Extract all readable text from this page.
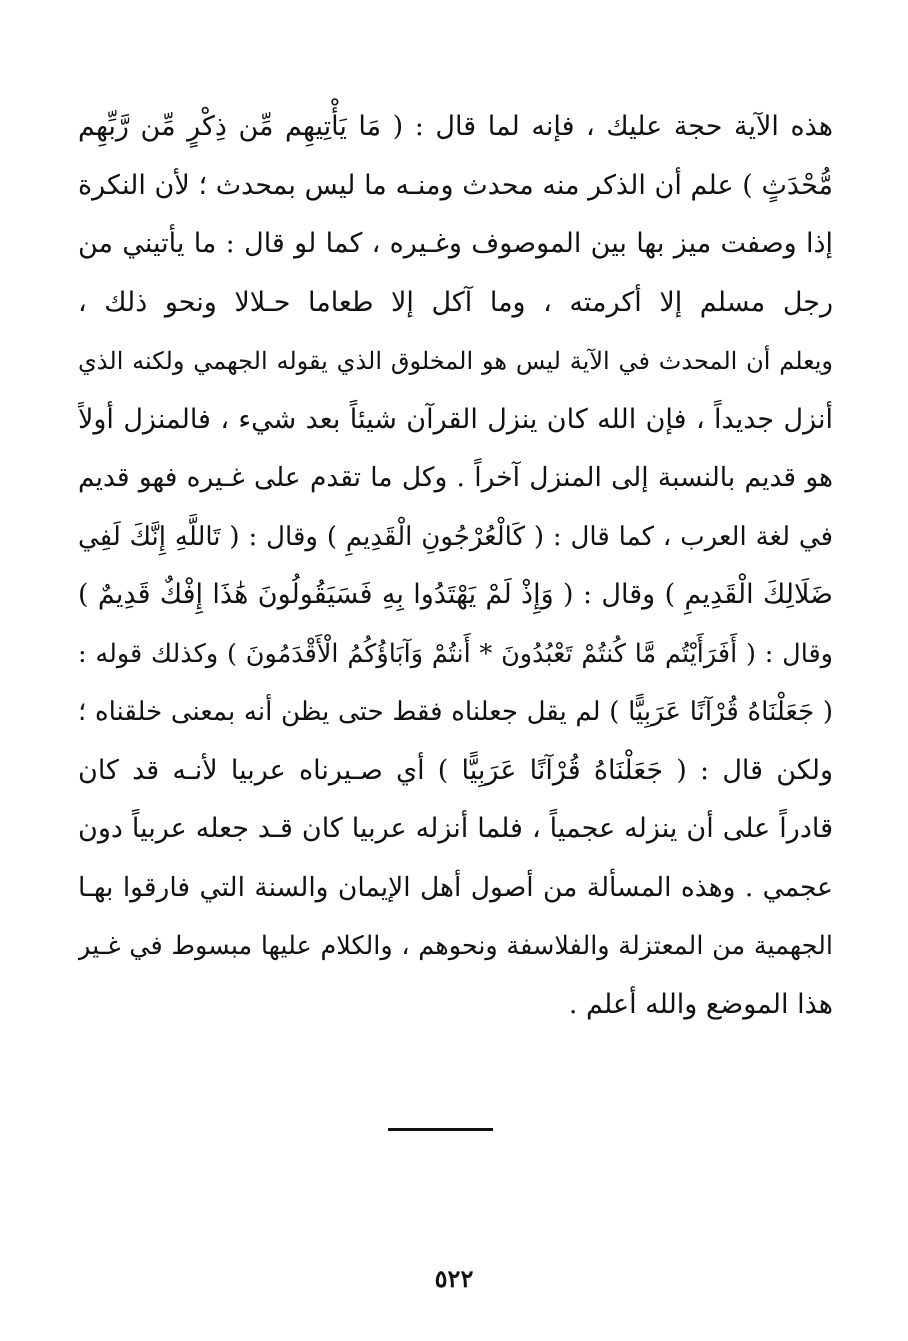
هذه الآية حجة عليك ، فإنه لما قال : ( مَا يَأْتِيهِم مِّن ذِكْرٍ مِّن رَّبِّهِم
مُّحْدَثٍ ) علم أن الذكر منه محدث ومنـه ما ليس بمحدث ؛ لأن النكرة
إذا وصفت ميز بها بين الموصوف وغـيره ، كما لو قال : ما يأتيني من
رجل مسلم إلا أكرمته ، وما آكل إلا طعاما حـلالا ونحو ذلك ،
ويعلم أن المحدث في الآية ليس هو المخلوق الذي يقوله الجهمي ولكنه الذي
أنزل جديداً ، فإن الله كان ينزل القرآن شيئاً بعد شيء ، فالمنزل أولاً
هو قديم بالنسبة إلى المنزل آخراً . وكل ما تقدم على غـيره فهو قديم
في لغة العرب ، كما قال : ( كَالْعُرْجُونِ الْقَدِيمِ ) وقال : ( تَاللَّهِ إِنَّكَ لَفِي
ضَلَالِكَ الْقَدِيمِ ) وقال : ( وَإِذْ لَمْ يَهْتَدُوا بِهِ فَسَيَقُولُونَ هَٰذَا إِفْكٌ قَدِيمٌ )
وقال : ( أَفَرَأَيْتُم مَّا كُنتُمْ تَعْبُدُونَ * أَنتُمْ وَآبَاؤُكُمُ الْأَقْدَمُونَ ) وكذلك قوله :
( جَعَلْنَاهُ قُرْآنًا عَرَبِيًّا ) لم يقل جعلناه فقط حتى يظن أنه بمعنى خلقناه ؛
ولكن قال : ( جَعَلْنَاهُ قُرْآنًا عَرَبِيًّا ) أي صـيرناه عربيا لأنـه قد كان
قادراً على أن ينزله عجمياً ، فلما أنزله عربيا كان قـد جعله عربياً دون
عجمي . وهذه المسألة من أصول أهل الإيمان والسنة التي فارقوا بهـا
الجهمية من المعتزلة والفلاسفة ونحوهم ، والكلام عليها مبسوط في غـير
هذا الموضع والله أعلم .
٥٢٢
